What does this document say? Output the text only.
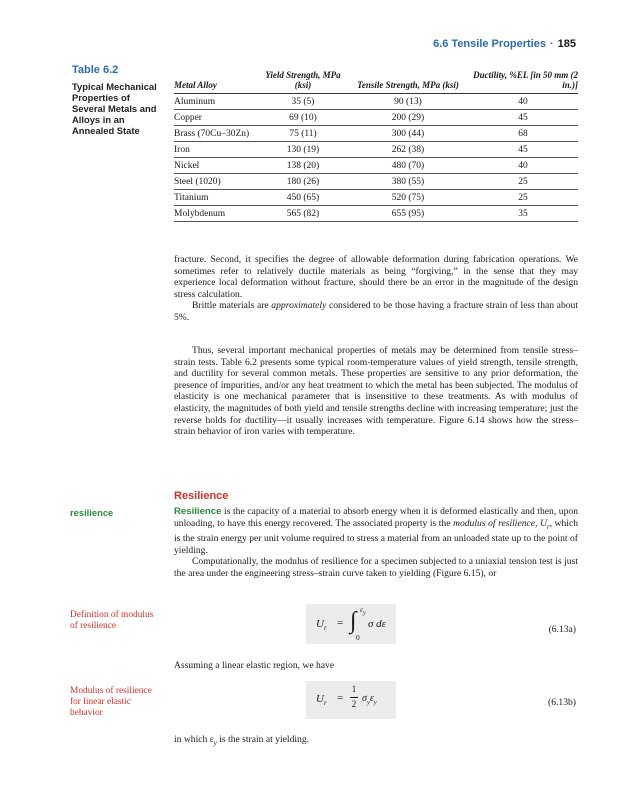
6.6 Tensile Properties · 185
Table 6.2
Typical Mechanical Properties of Several Metals and Alloys in an Annealed State
Metal Alloy	Yield Strength, MPa (ksi)	Tensile Strength, MPa (ksi)	Ductility, %EL [in 50 mm (2 in.)]
Aluminum	35 (5)	90 (13)	40
Copper	69 (10)	200 (29)	45
Brass (70Cu–30Zn)	75 (11)	300 (44)	68
Iron	130 (19)	262 (38)	45
Nickel	138 (20)	480 (70)	40
Steel (1020)	180 (26)	380 (55)	25
Titanium	450 (65)	520 (75)	25
Molybdenum	565 (82)	655 (95)	35
fracture. Second, it specifies the degree of allowable deformation during fabrication operations. We sometimes refer to relatively ductile materials as being “forgiving,” in the sense that they may experience local deformation without fracture, should there be an error in the magnitude of the design stress calculation.
Brittle materials are approximately considered to be those having a fracture strain of less than about 5%.
Thus, several important mechanical properties of metals may be determined from tensile stress–strain tests. Table 6.2 presents some typical room-temperature values of yield strength, tensile strength, and ductility for several common metals. These properties are sensitive to any prior deformation, the presence of impurities, and/or any heat treatment to which the metal has been subjected. The modulus of elasticity is one mechanical parameter that is insensitive to these treatments. As with modulus of elasticity, the magnitudes of both yield and tensile strengths decline with increasing temperature; just the reverse holds for ductility—it usually increases with temperature. Figure 6.14 shows how the stress–strain behavior of iron varies with temperature.
Resilience
resilience	Resilience is the capacity of a material to absorb energy when it is deformed elastically and then, upon unloading, to have this energy recovered. The associated property is the modulus of resilience, $U_r$, which is the strain energy per unit volume required to stress a material from an unloaded state up to the point of yielding.
Computationally, the modulus of resilience for a specimen subjected to a uniaxial tension test is just the area under the engineering stress–strain curve taken to yielding (Figure 6.15), or
Definition of modulus of resilience	$U_r$ = ∫ $\varepsilon_y$
0
σ dε	(6.13a)
Assuming a linear elastic region, we have
Modulus of resilience for linear elastic behavior
$U_r$ =
1
2 $\sigma_y\varepsilon_y$	(6.13b)
in which $\varepsilon_y$ is the strain at yielding.
